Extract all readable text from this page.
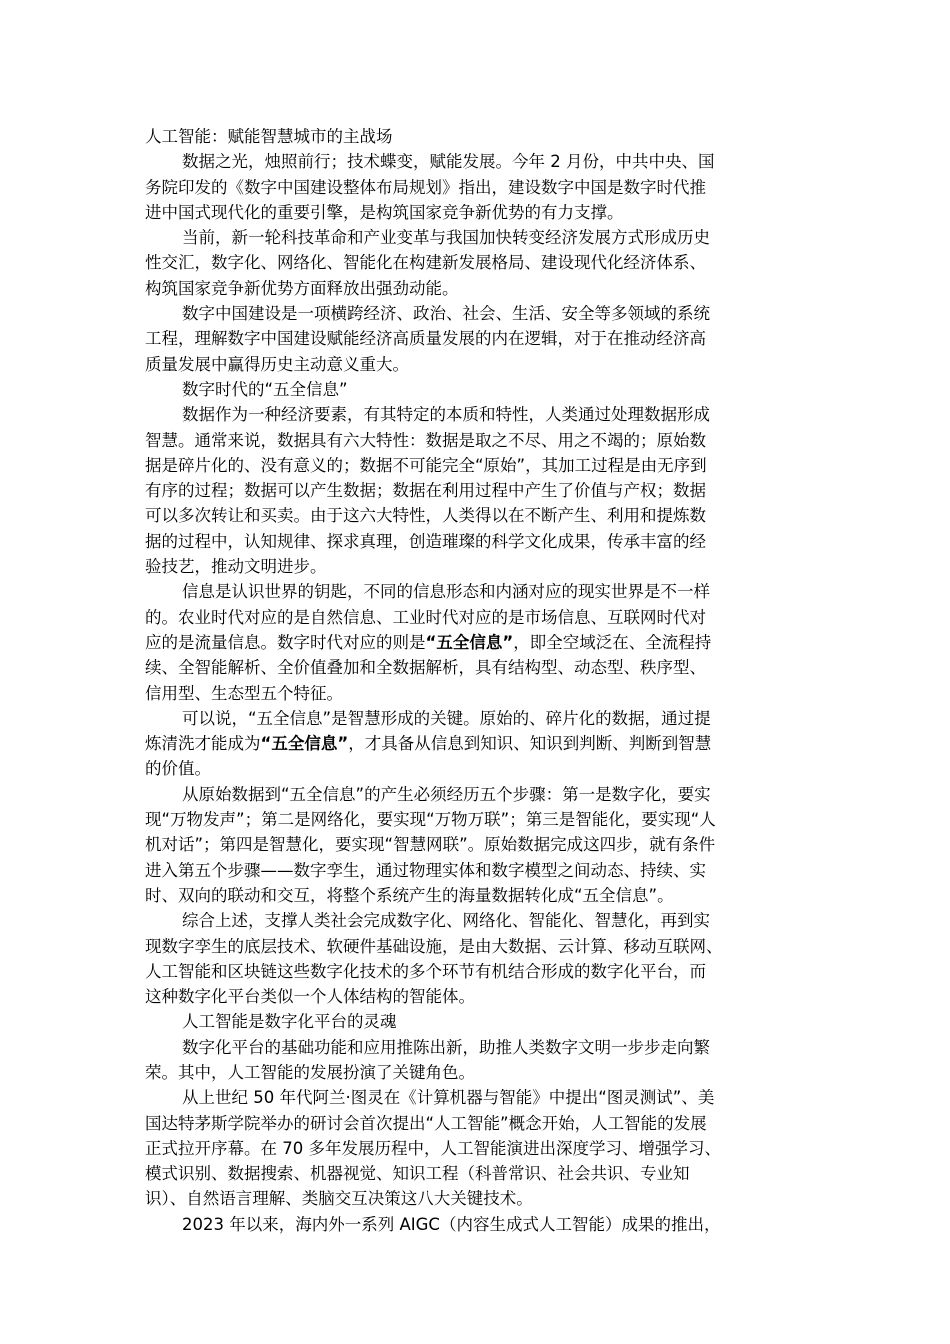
人工智能：赋能智慧城市的主战场
数据之光，烛照前行；技术蝶变，赋能发展。今年 2 月份，中共中央、国
务院印发的《数字中国建设整体布局规划》指出，建设数字中国是数字时代推
进中国式现代化的重要引擎，是构筑国家竞争新优势的有力支撑。
当前，新一轮科技革命和产业变革与我国加快转变经济发展方式形成历史
性交汇，数字化、网络化、智能化在构建新发展格局、建设现代化经济体系、
构筑国家竞争新优势方面释放出强劲动能。
数字中国建设是一项横跨经济、政治、社会、生活、安全等多领域的系统
工程，理解数字中国建设赋能经济高质量发展的内在逻辑，对于在推动经济高
质量发展中赢得历史主动意义重大。
数字时代的“五全信息”
数据作为一种经济要素，有其特定的本质和特性，人类通过处理数据形成
智慧。通常来说，数据具有六大特性：数据是取之不尽、用之不竭的；原始数
据是碎片化的、没有意义的；数据不可能完全“原始”，其加工过程是由无序到
有序的过程；数据可以产生数据；数据在利用过程中产生了价值与产权；数据
可以多次转让和买卖。由于这六大特性，人类得以在不断产生、利用和提炼数
据的过程中，认知规律、探求真理，创造璀璨的科学文化成果，传承丰富的经
验技艺，推动文明进步。
信息是认识世界的钥匙，不同的信息形态和内涵对应的现实世界是不一样
的。农业时代对应的是自然信息、工业时代对应的是市场信息、互联网时代对
应的是流量信息。数字时代对应的则是“五全信息”，即全空域泛在、全流程持
续、全智能解析、全价值叠加和全数据解析，具有结构型、动态型、秩序型、
信用型、生态型五个特征。
可以说，“五全信息”是智慧形成的关键。原始的、碎片化的数据，通过提
炼清洗才能成为“五全信息”，才具备从信息到知识、知识到判断、判断到智慧
的价值。
从原始数据到“五全信息”的产生必须经历五个步骤：第一是数字化，要实
现“万物发声”；第二是网络化，要实现“万物万联”；第三是智能化，要实现“人
机对话”；第四是智慧化，要实现“智慧网联”。原始数据完成这四步，就有条件
进入第五个步骤——数字孪生，通过物理实体和数字模型之间动态、持续、实
时、双向的联动和交互，将整个系统产生的海量数据转化成“五全信息”。
综合上述，支撑人类社会完成数字化、网络化、智能化、智慧化，再到实
现数字孪生的底层技术、软硬件基础设施，是由大数据、云计算、移动互联网、
人工智能和区块链这些数字化技术的多个环节有机结合形成的数字化平台，而
这种数字化平台类似一个人体结构的智能体。
人工智能是数字化平台的灵魂
数字化平台的基础功能和应用推陈出新，助推人类数字文明一步步走向繁
荣。其中，人工智能的发展扮演了关键角色。
从上世纪 50 年代阿兰·图灵在《计算机器与智能》中提出“图灵测试”、美
国达特茅斯学院举办的研讨会首次提出“人工智能”概念开始，人工智能的发展
正式拉开序幕。在 70 多年发展历程中，人工智能演进出深度学习、增强学习、
模式识别、数据搜索、机器视觉、知识工程（科普常识、社会共识、专业知
识）、自然语言理解、类脑交互决策这八大关键技术。
2023 年以来，海内外一系列 AIGC（内容生成式人工智能）成果的推出，
